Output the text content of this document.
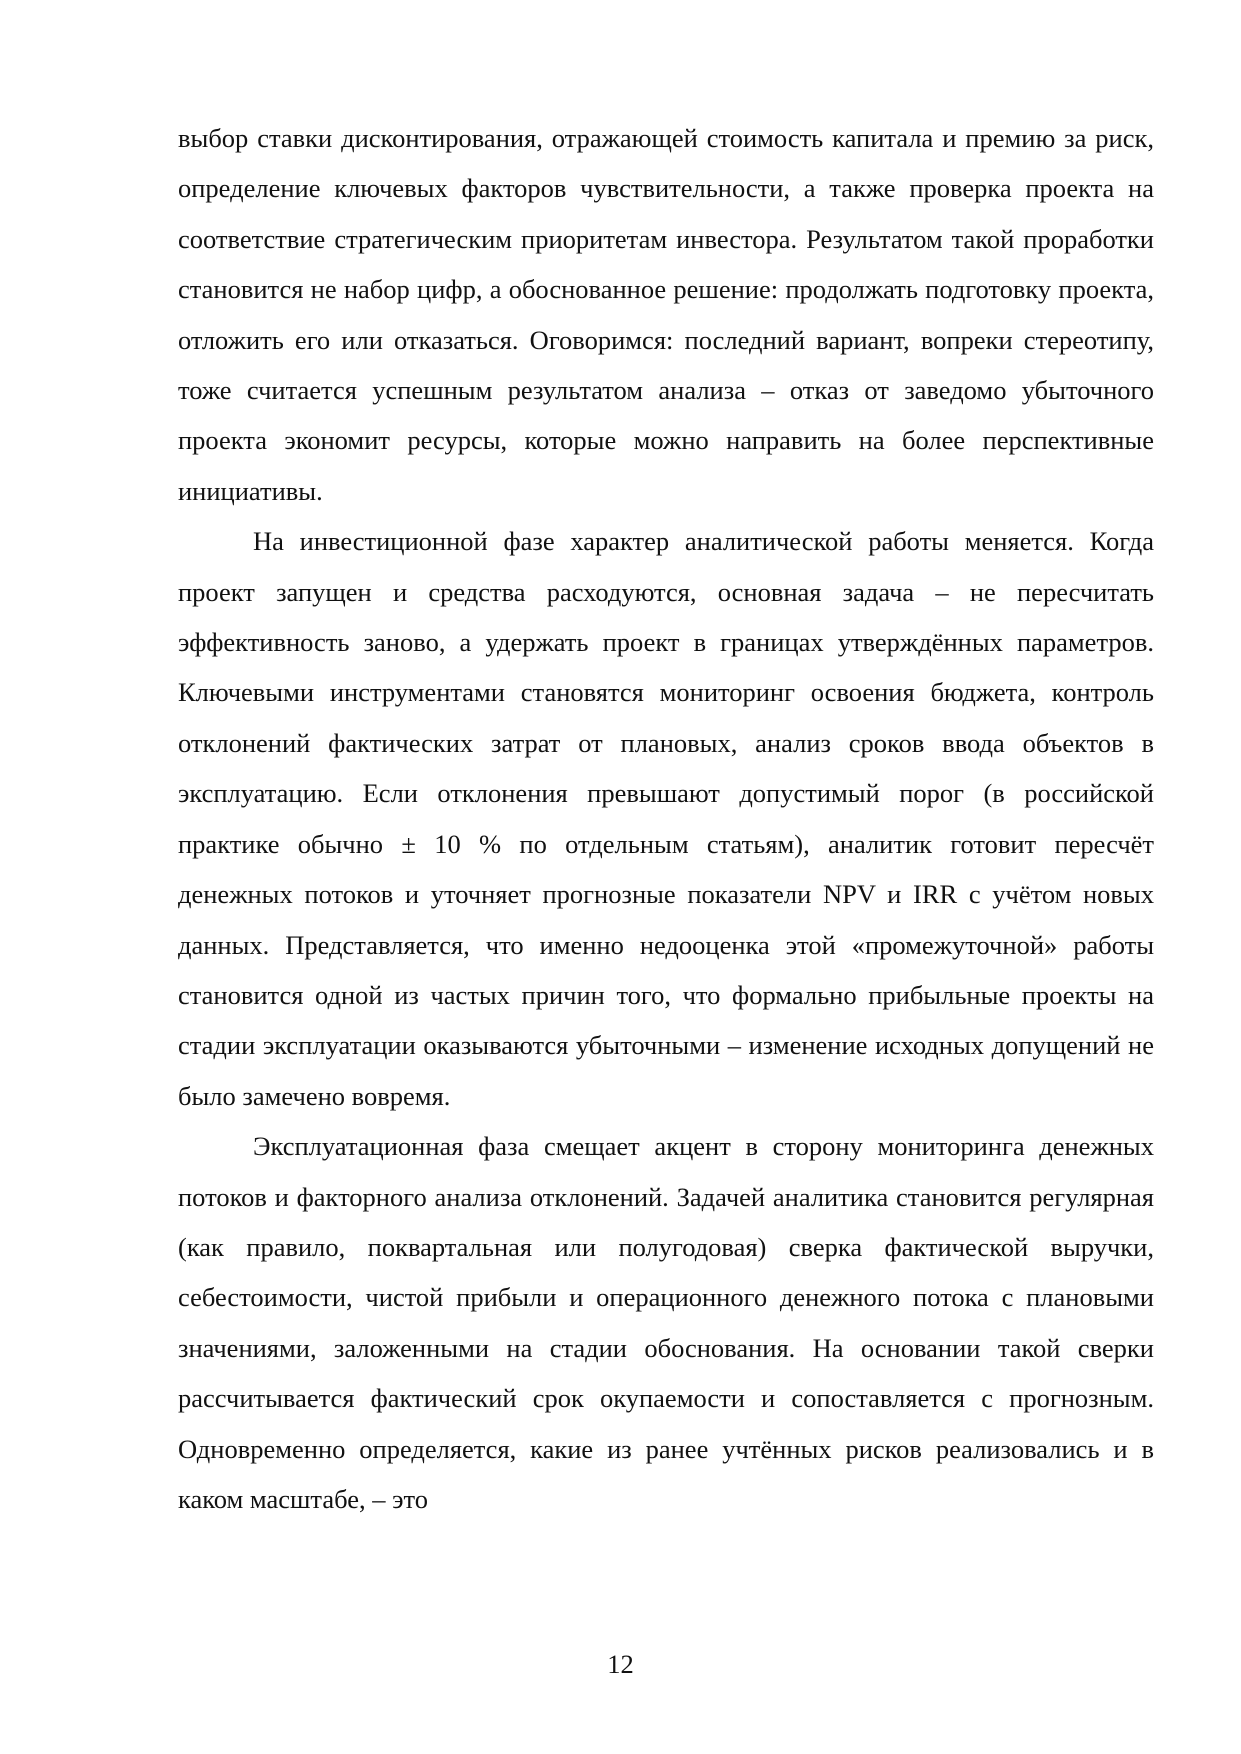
выбор ставки дисконтирования, отражающей стоимость капитала и премию за риск, определение ключевых факторов чувствительности, а также проверка проекта на соответствие стратегическим приоритетам инвестора. Результатом такой проработки становится не набор цифр, а обоснованное решение: продолжать подготовку проекта, отложить его или отказаться. Оговоримся: последний вариант, вопреки стереотипу, тоже считается успешным результатом анализа – отказ от заведомо убыточного проекта экономит ресурсы, которые можно направить на более перспективные инициативы.

На инвестиционной фазе характер аналитической работы меняется. Когда проект запущен и средства расходуются, основная задача – не пересчитать эффективность заново, а удержать проект в границах утверждённых параметров. Ключевыми инструментами становятся мониторинг освоения бюджета, контроль отклонений фактических затрат от плановых, анализ сроков ввода объектов в эксплуатацию. Если отклонения превышают допустимый порог (в российской практике обычно ± 10 % по отдельным статьям), аналитик готовит пересчёт денежных потоков и уточняет прогнозные показатели NPV и IRR с учётом новых данных. Представляется, что именно недооценка этой «промежуточной» работы становится одной из частых причин того, что формально прибыльные проекты на стадии эксплуатации оказываются убыточными – изменение исходных допущений не было замечено вовремя.

Эксплуатационная фаза смещает акцент в сторону мониторинга денежных потоков и факторного анализа отклонений. Задачей аналитика становится регулярная (как правило, поквартальная или полугодовая) сверка фактической выручки, себестоимости, чистой прибыли и операционного денежного потока с плановыми значениями, заложенными на стадии обоснования. На основании такой сверки рассчитывается фактический срок окупаемости и сопоставляется с прогнозным. Одновременно определяется, какие из ранее учтённых рисков реализовались и в каком масштабе, – это

12
